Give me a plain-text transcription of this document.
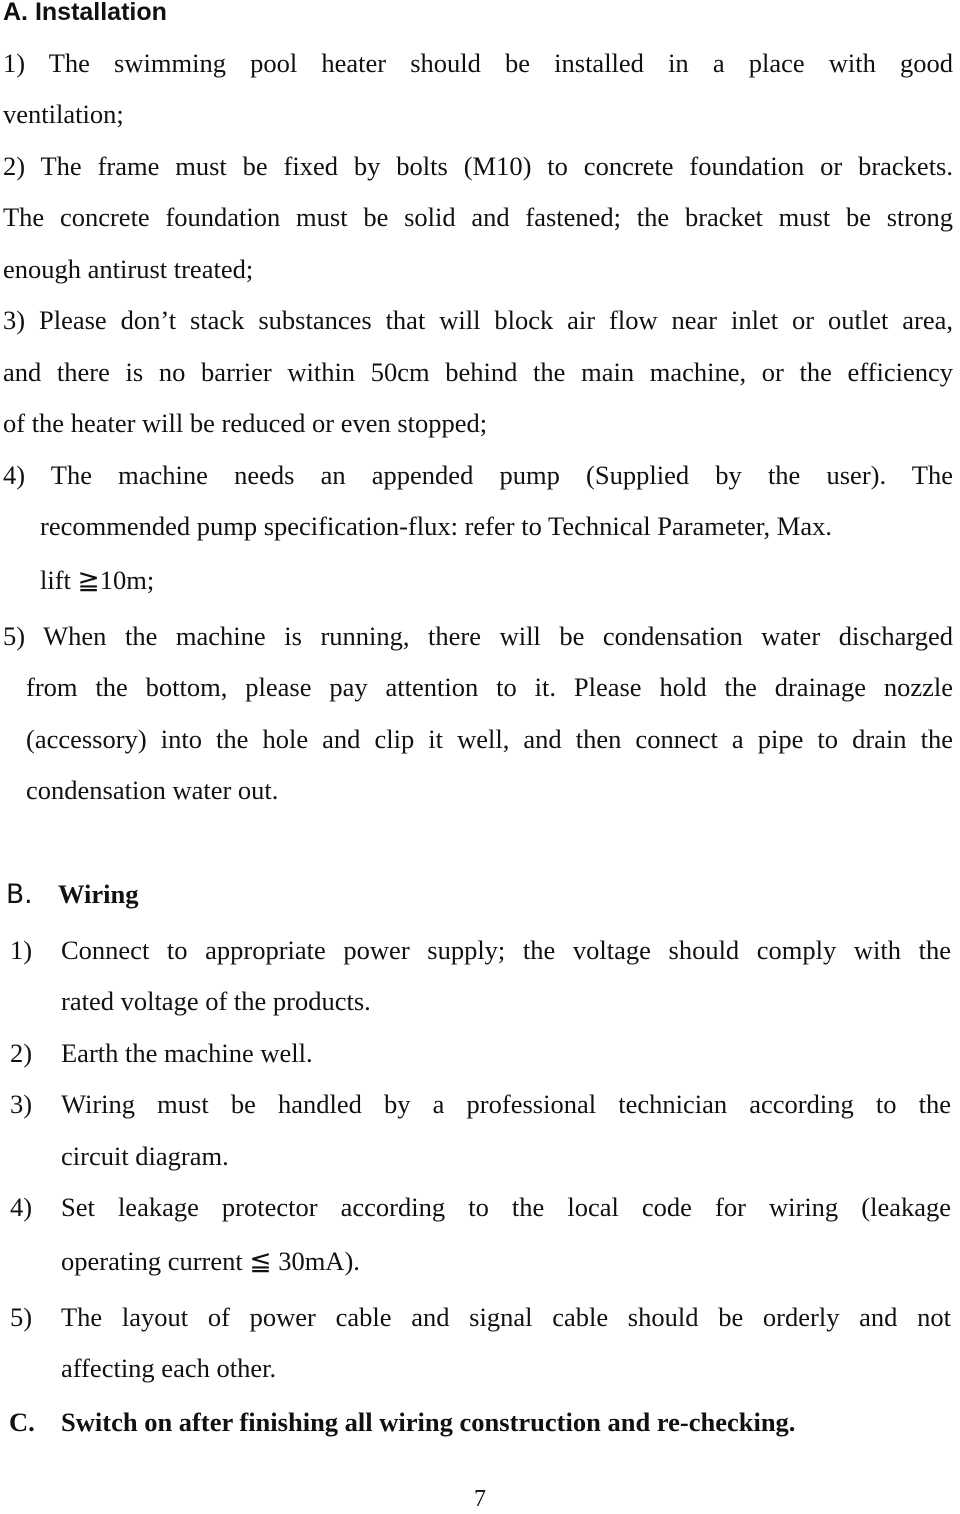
A. Installation
1) The swimming pool heater should be installed in a place with good
ventilation;
2) The frame must be fixed by bolts (M10) to concrete foundation or brackets.
The concrete foundation must be solid and fastened; the bracket must be strong
enough antirust treated;
3) Please don’t stack substances that will block air flow near inlet or outlet area,
and there is no barrier within 50cm behind the main machine, or the efficiency
of the heater will be reduced or even stopped;
4) The machine needs an appended pump (Supplied by the user). The
recommended pump specification-flux: refer to Technical Parameter, Max.
lift ≧10m;
5) When the machine is running, there will be condensation water discharged
from the bottom, please pay attention to it. Please hold the drainage nozzle
(accessory) into the hole and clip it well, and then connect a pipe to drain the
condensation water out.
B. Wiring
1) Connect to appropriate power supply; the voltage should comply with the
rated voltage of the products.
2) Earth the machine well.
3) Wiring must be handled by a professional technician according to the
circuit diagram.
4) Set leakage protector according to the local code for wiring (leakage
operating current ≦ 30mA).
5) The layout of power cable and signal cable should be orderly and not
affecting each other.
C. Switch on after finishing all wiring construction and re-checking.
7
